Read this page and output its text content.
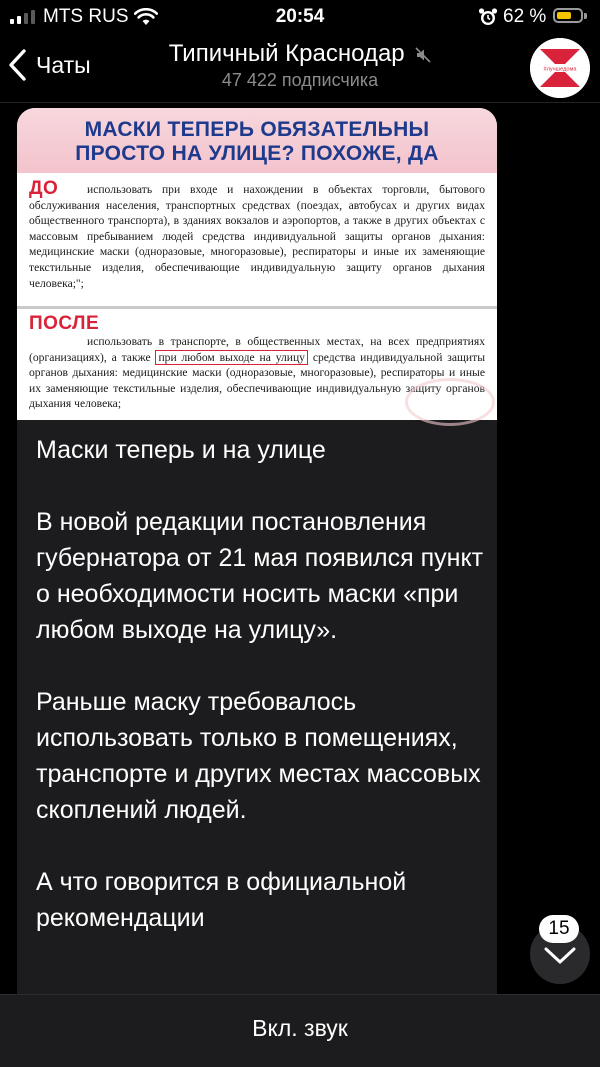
MTS RUS	20:54	62 %
Чаты	Типичный Краснодар
47 422 подписчика
#лучшедома
МАСКИ ТЕПЕРЬ ОБЯЗАТЕЛЬНЫ
ПРОСТО НА УЛИЦЕ? ПОХОЖЕ, ДА
ДО	использовать при входе и нахождении в объектах торговли, бытового обслуживания населения, транспортных средствах (поездах, автобусах и других видах общественного транспорта), в зданиях вокзалов и аэропортов, а также в других объектах с массовым пребыванием людей средства индивидуальной защиты органов дыхания: медицинские маски (одноразовые, многоразовые), респираторы и иные их заменяющие текстильные изделия, обеспечивающие индивидуальную защиту органов дыхания человека;";
ПОСЛЕ
использовать в транспорте, в общественных местах, на всех предприятиях (организациях), а также при любом выходе на улицу средства индивидуальной защиты органов дыхания: медицинские маски (одноразовые, многоразовые), респираторы и иные их заменяющие текстильные изделия, обеспечивающие индивидуальную защиту органов дыхания человека;

Маски теперь и на улице

В новой редакции постановления губернатора от 21 мая появился пункт о необходимости носить маски «при любом выходе на улицу».

Раньше маску требовалось использовать только в помещениях, транспорте и других местах массовых скоплений людей.

А что говорится в официальной рекомендации	15
Вкл. звук
